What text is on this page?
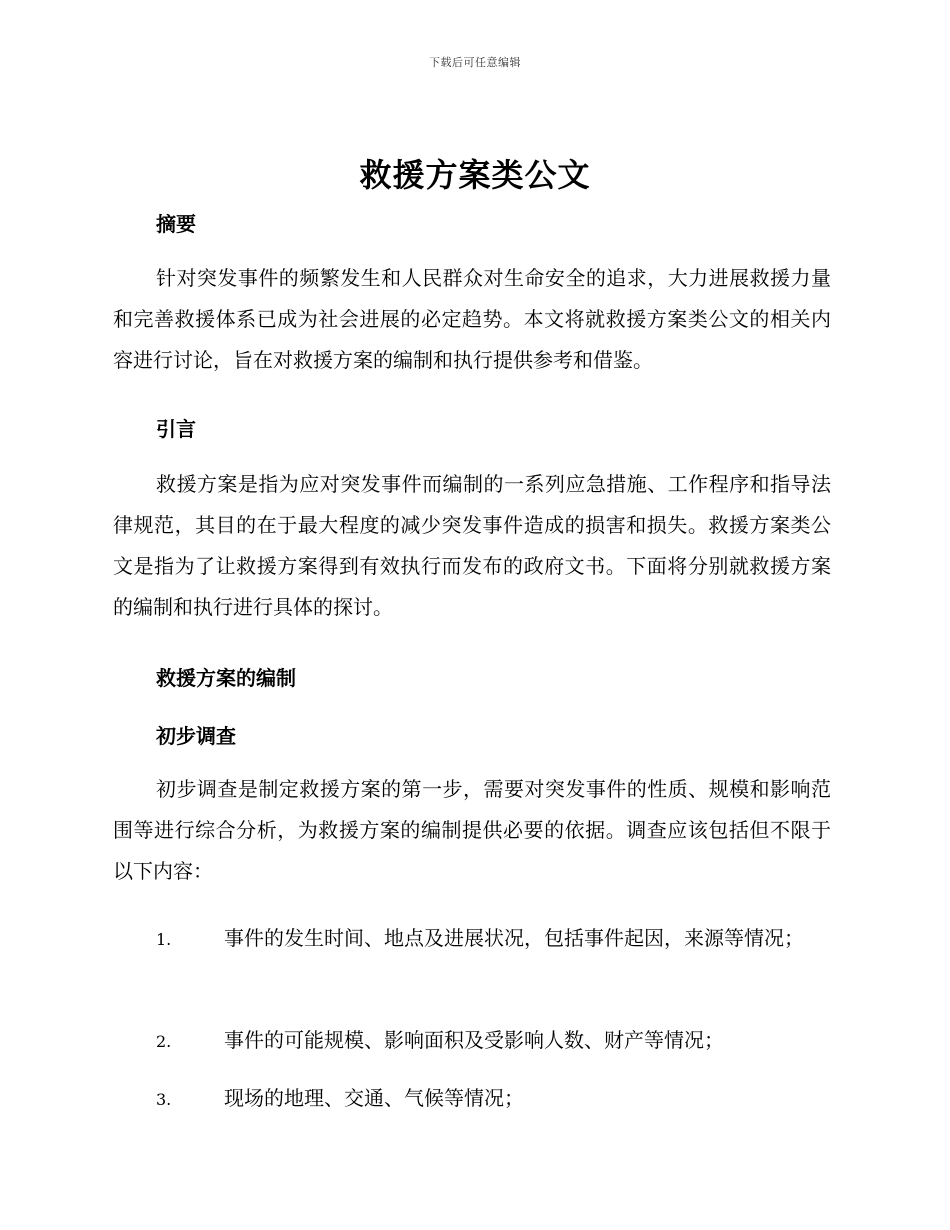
下载后可任意编辑
救援方案类公文
摘要

针对突发事件的频繁发生和人民群众对生命安全的追求，大力进展救援力量和完善救援体系已成为社会进展的必定趋势。本文将就救援方案类公文的相关内容进行讨论，旨在对救援方案的编制和执行提供参考和借鉴。

引言

救援方案是指为应对突发事件而编制的一系列应急措施、工作程序和指导法律规范，其目的在于最大程度的减少突发事件造成的损害和损失。救援方案类公文是指为了让救援方案得到有效执行而发布的政府文书。下面将分别就救援方案的编制和执行进行具体的探讨。

救援方案的编制
初步调查

初步调查是制定救援方案的第一步，需要对突发事件的性质、规模和影响范围等进行综合分析，为救援方案的编制提供必要的依据。调查应该包括但不限于以下内容：

1.	事件的发生时间、地点及进展状况，包括事件起因，来源等情况；

2.	事件的可能规模、影响面积及受影响人数、财产等情况；

3.	现场的地理、交通、气候等情况；
